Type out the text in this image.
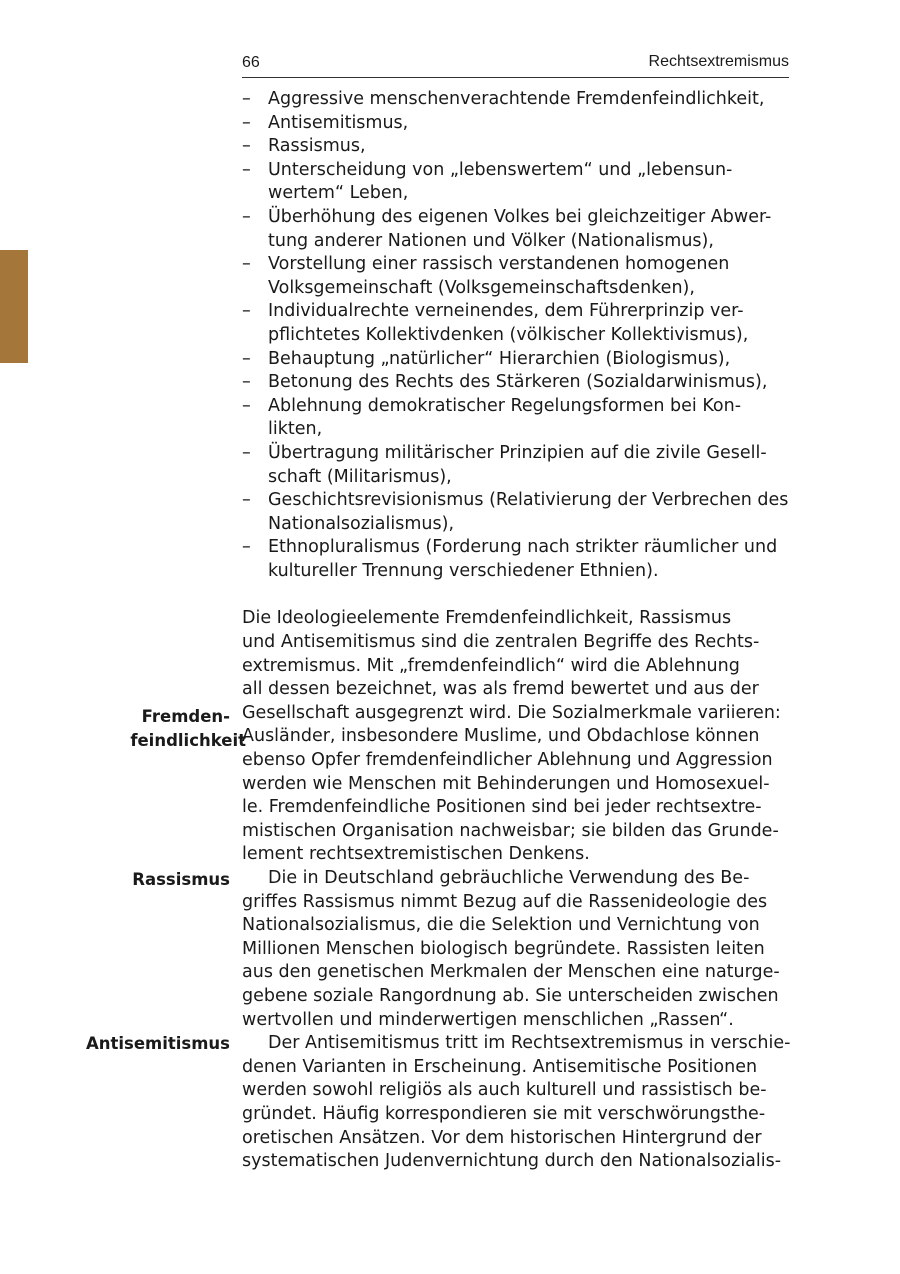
66	Rechtsextremismus
– Aggressive menschenverachtende Fremdenfeindlichkeit,
– Antisemitismus,
– Rassismus,
– Unterscheidung von „lebenswertem“ und „lebensun-
wertem“ Leben,
– Überhöhung des eigenen Volkes bei gleichzeitiger Abwer-
tung anderer Nationen und Völker (Nationalismus),
– Vorstellung einer rassisch verstandenen homogenen
Volksgemeinschaft (Volksgemeinschaftsdenken),
– Individualrechte verneinendes, dem Führerprinzip ver-
pflichtetes Kollektivdenken (völkischer Kollektivismus),
– Behauptung „natürlicher“ Hierarchien (Biologismus),
– Betonung des Rechts des Stärkeren (Sozialdarwinismus),
– Ablehnung demokratischer Regelungsformen bei Kon-
likten,
– Übertragung militärischer Prinzipien auf die zivile Gesell-
schaft (Militarismus),
– Geschichtsrevisionismus (Relativierung der Verbrechen des
Nationalsozialismus),
– Ethnopluralismus (Forderung nach strikter räumlicher und
kultureller Trennung verschiedener Ethnien).

Die Ideologieelemente Fremdenfeindlichkeit, Rassismus
und Antisemitismus sind die zentralen Begriffe des Rechts-
extremismus. Mit „fremdenfeindlich“ wird die Ablehnung
all dessen bezeichnet, was als fremd bewertet und aus der
Gesellschaft ausgegrenzt wird. Die Sozialmerkmale variieren:
Ausländer, insbesondere Muslime, und Obdachlose können
ebenso Opfer fremdenfeindlicher Ablehnung und Aggression
werden wie Menschen mit Behinderungen und Homosexuel-
le. Fremdenfeindliche Positionen sind bei jeder rechtsextre-
mistischen Organisation nachweisbar; sie bilden das Grunde-
lement rechtsextremistischen Denkens.

Die in Deutschland gebräuchliche Verwendung des Be-
griffes Rassismus nimmt Bezug auf die Rassenideologie des
Nationalsozialismus, die die Selektion und Vernichtung von
Millionen Menschen biologisch begründete. Rassisten leiten
aus den genetischen Merkmalen der Menschen eine naturge-
gebene soziale Rangordnung ab. Sie unterscheiden zwischen
wertvollen und minderwertigen menschlichen „Rassen“.

Der Antisemitismus tritt im Rechtsextremismus in verschie-
denen Varianten in Erscheinung. Antisemitische Positionen
werden sowohl religiös als auch kulturell und rassistisch be-
gründet. Häufig korrespondieren sie mit verschwörungsthe-
oretischen Ansätzen. Vor dem historischen Hintergrund der
systematischen Judenvernichtung durch den Nationalsozialis-

Fremden-
feindlichkeit
Rassismus
Antisemitismus
